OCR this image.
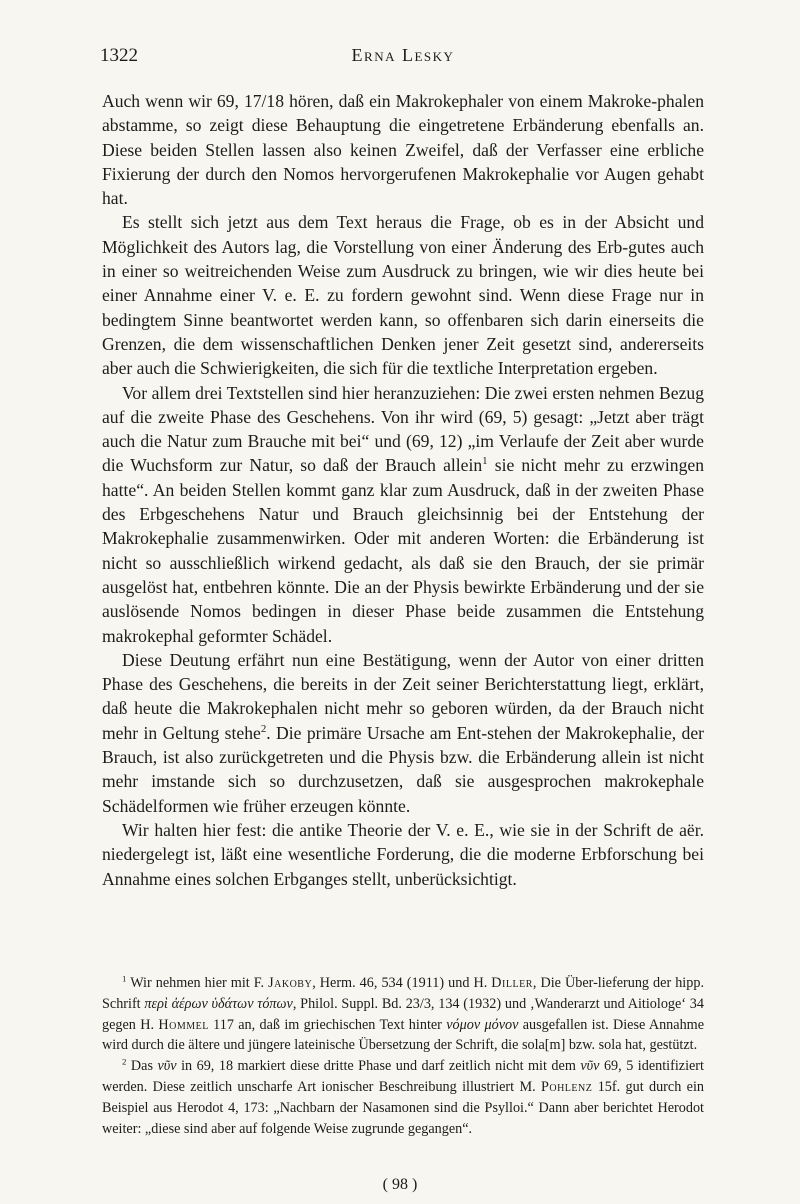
1322	Erna Lesky

Auch wenn wir 69, 17/18 hören, daß ein Makrokephaler von einem Makroke-phalen abstamme, so zeigt diese Behauptung die eingetretene Erbänderung ebenfalls an. Diese beiden Stellen lassen also keinen Zweifel, daß der Verfasser eine erbliche Fixierung der durch den Nomos hervorgerufenen Makrokephalie vor Augen gehabt hat.

Es stellt sich jetzt aus dem Text heraus die Frage, ob es in der Absicht und Möglichkeit des Autors lag, die Vorstellung von einer Änderung des Erb-gutes auch in einer so weitreichenden Weise zum Ausdruck zu bringen, wie wir dies heute bei einer Annahme einer V. e. E. zu fordern gewohnt sind. Wenn diese Frage nur in bedingtem Sinne beantwortet werden kann, so offenbaren sich darin einerseits die Grenzen, die dem wissenschaftlichen Denken jener Zeit gesetzt sind, andererseits aber auch die Schwierigkeiten, die sich für die textliche Interpretation ergeben.

Vor allem drei Textstellen sind hier heranzuziehen: Die zwei ersten nehmen Bezug auf die zweite Phase des Geschehens. Von ihr wird (69, 5) gesagt: „Jetzt aber trägt auch die Natur zum Brauche mit bei“ und (69, 12) „im Verlaufe der Zeit aber wurde die Wuchsform zur Natur, so daß der Brauch allein$^1$ sie nicht mehr zu erzwingen hatte“. An beiden Stellen kommt ganz klar zum Ausdruck, daß in der zweiten Phase des Erbgeschehens Natur und Brauch gleichsinnig bei der Entstehung der Makrokephalie zusammenwirken. Oder mit anderen Worten: die Erbänderung ist nicht so ausschließlich wirkend gedacht, als daß sie den Brauch, der sie primär ausgelöst hat, entbehren könnte. Die an der Physis bewirkte Erbänderung und der sie auslösende Nomos bedingen in dieser Phase beide zusammen die Entstehung makrokephal geformter Schädel.

Diese Deutung erfährt nun eine Bestätigung, wenn der Autor von einer dritten Phase des Geschehens, die bereits in der Zeit seiner Berichterstattung liegt, erklärt, daß heute die Makrokephalen nicht mehr so geboren würden, da der Brauch nicht mehr in Geltung stehe$^2$. Die primäre Ursache am Ent-stehen der Makrokephalie, der Brauch, ist also zurückgetreten und die Physis bzw. die Erbänderung allein ist nicht mehr imstande sich so durchzusetzen, daß sie ausgesprochen makrokephale Schädelformen wie früher erzeugen könnte.

Wir halten hier fest: die antike Theorie der V. e. E., wie sie in der Schrift de aër. niedergelegt ist, läßt eine wesentliche Forderung, die die moderne Erbforschung bei Annahme eines solchen Erbganges stellt, unberücksichtigt.

$^1$ Wir nehmen hier mit F. Jakoby, Herm. 46, 534 (1911) und H. Diller, Die Über-lieferung der hipp. Schrift περὶ ἀέρων ὑδάτων τόπων, Philol. Suppl. Bd. 23/3, 134 (1932) und ‚Wanderarzt und Aitiologe‘ 34 gegen H. Hommel 117 an, daß im griechischen Text hinter νόμον μόνον ausgefallen ist. Diese Annahme wird durch die ältere und jüngere lateinische Übersetzung der Schrift, die sola[m] bzw. sola hat, gestützt.

$^2$ Das νῦν in 69, 18 markiert diese dritte Phase und darf zeitlich nicht mit dem νῦν 69, 5 identifiziert werden. Diese zeitlich unscharfe Art ionischer Beschreibung illustriert M. Pohlenz 15f. gut durch ein Beispiel aus Herodot 4, 173: „Nachbarn der Nasamonen sind die Psylloi.“ Dann aber berichtet Herodot weiter: „diese sind aber auf folgende Weise zugrunde gegangen“.

( 98 )
